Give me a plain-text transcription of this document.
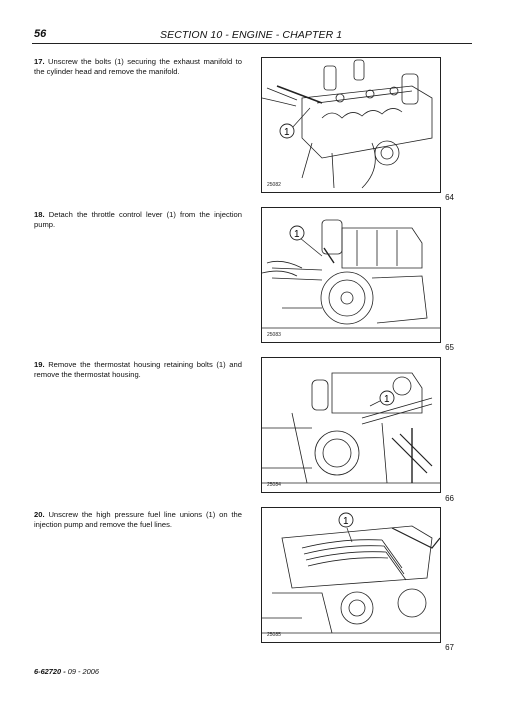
56	SECTION 10 - ENGINE - CHAPTER 1
17. Unscrew the bolts (1) securing the exhaust manifold to the cylinder head and remove the manifold.
1
25082
64
18. Detach the throttle control lever (1) from the injection pump.
1
25083
65
19. Remove the thermostat housing retaining bolts (1) and remove the thermostat housing.
1
25084
66
20. Unscrew the high pressure fuel line unions (1) on the injection pump and remove the fuel lines.	1
25085
67
6-62720 - 09 - 2006
